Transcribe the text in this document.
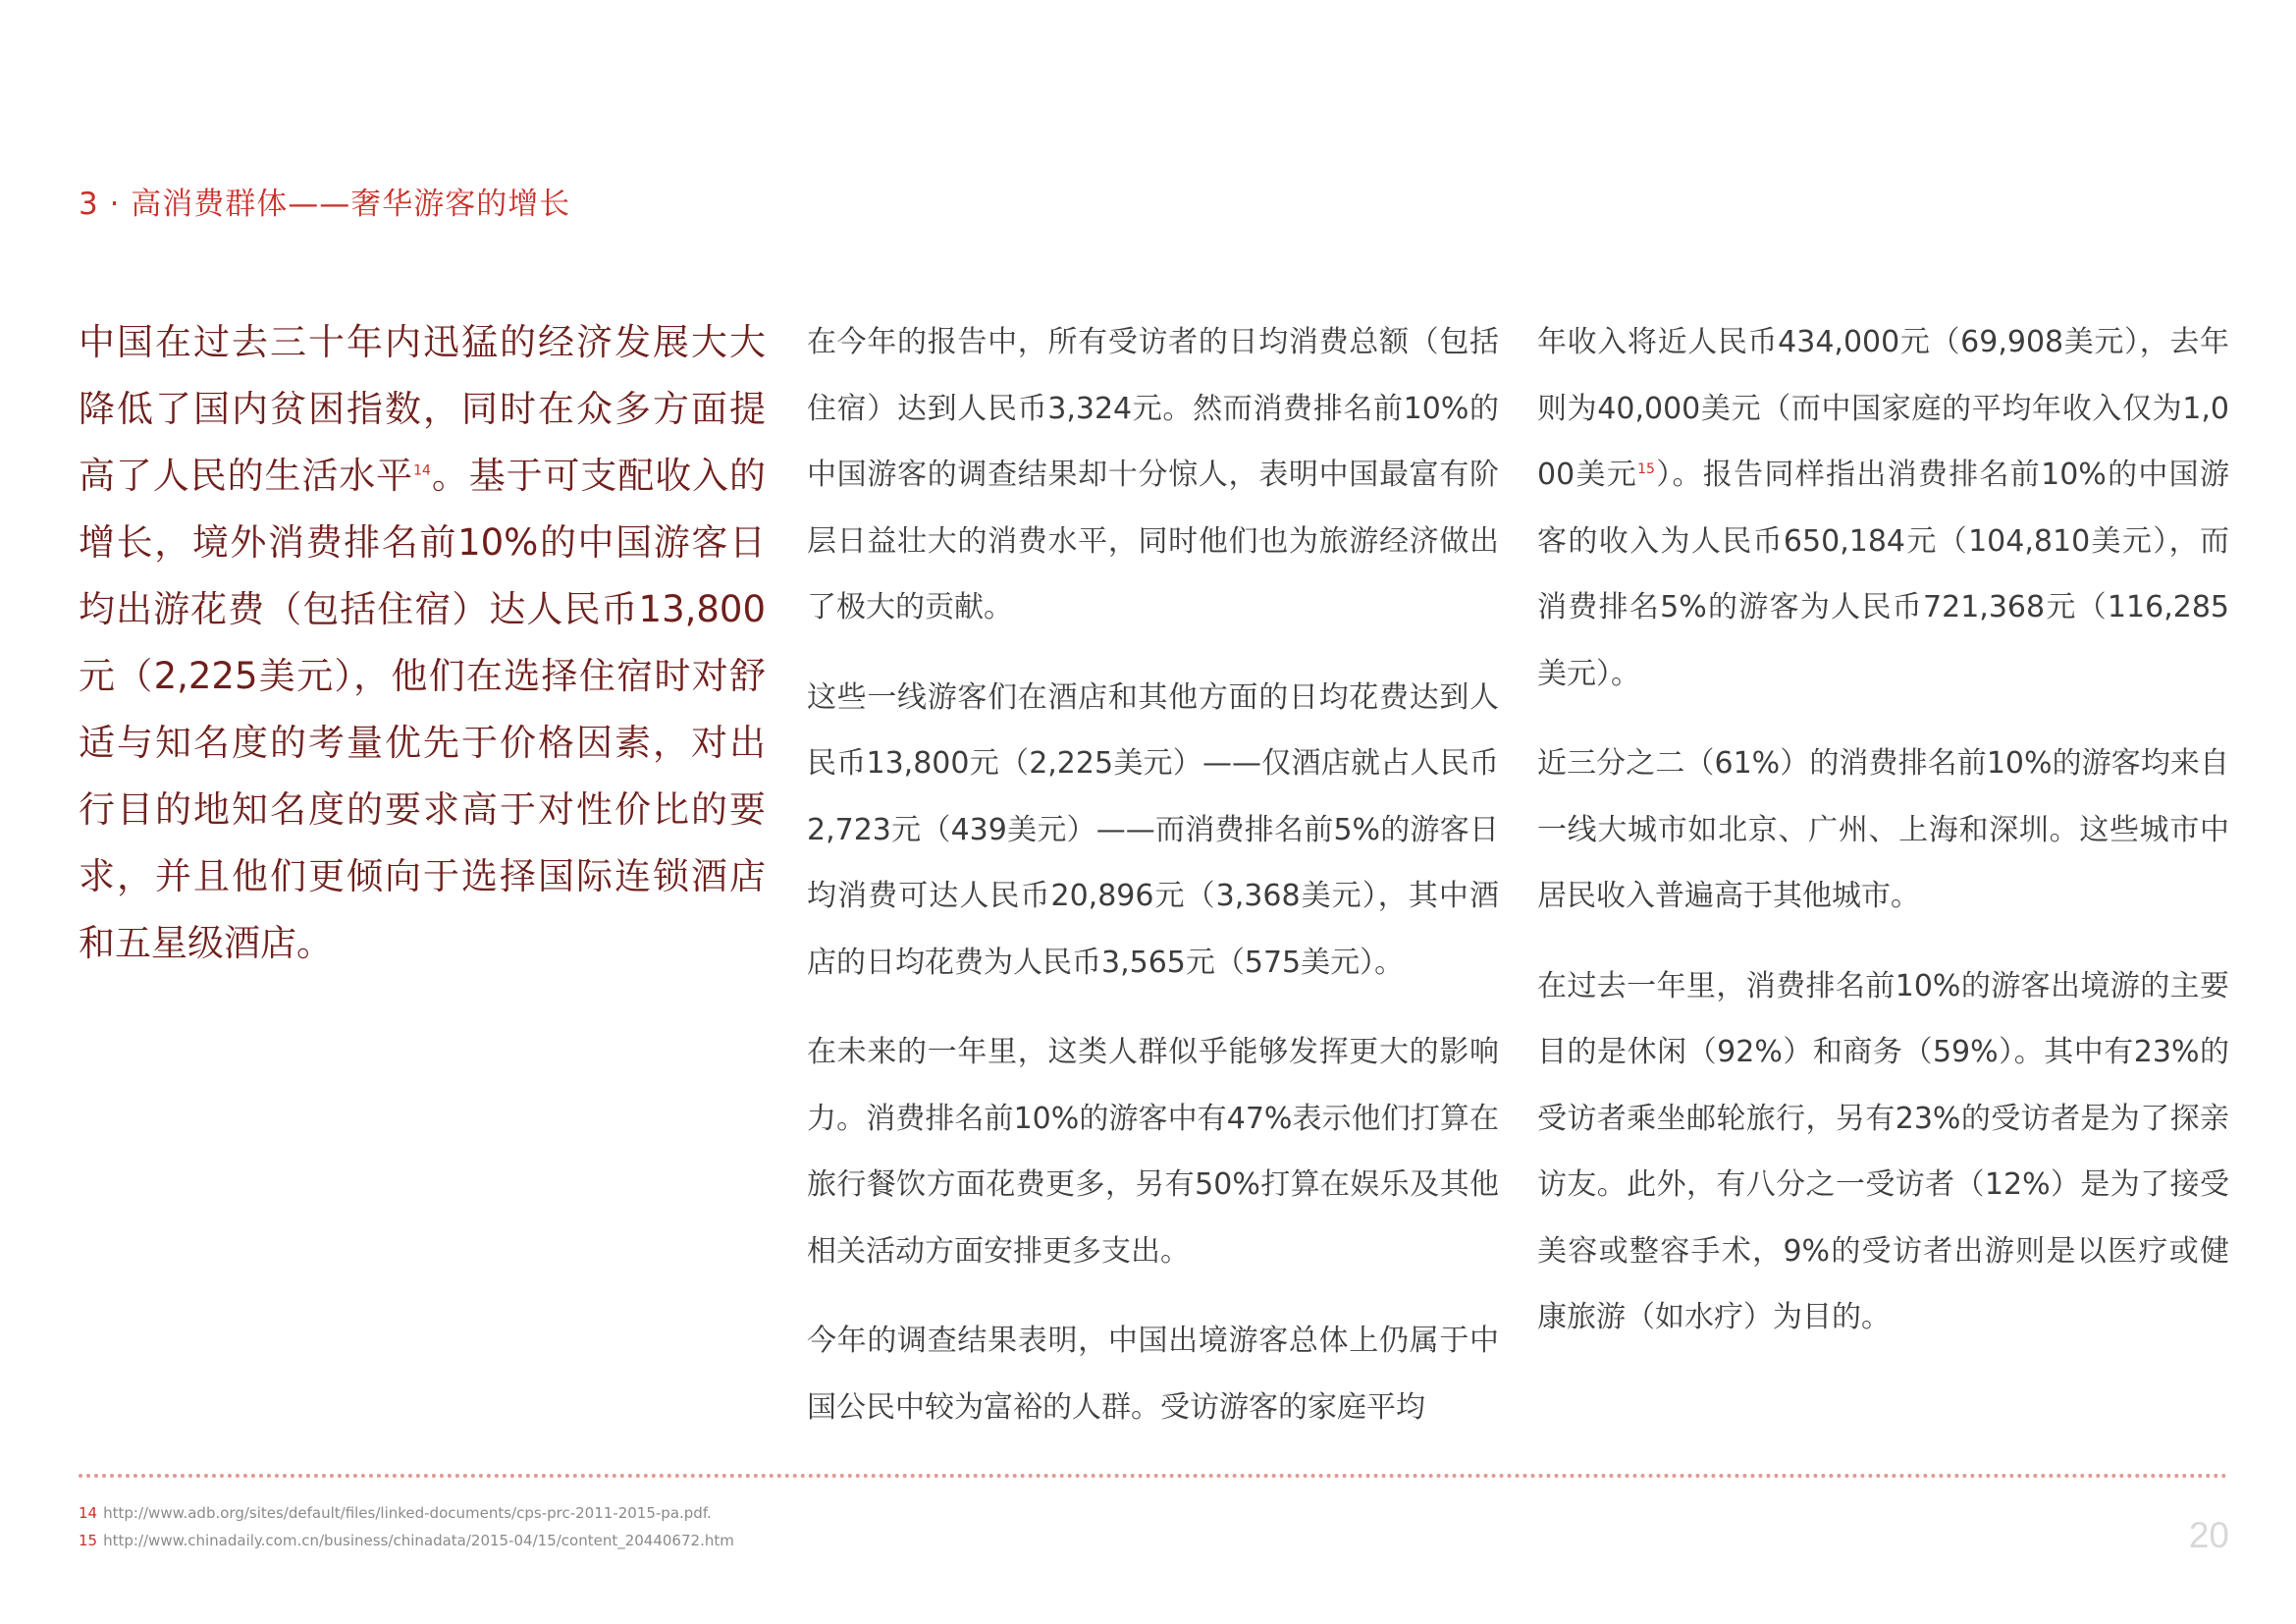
3 · 高消费群体——奢华游客的增长

中国在过去三十年内迅猛的经济发展大大降低了国内贫困指数，同时在众多方面提高了人民的生活水平$^{14}$。基于可支配收入的增长，境外消费排名前10%的中国游客日均出游花费（包括住宿）达人民币13,800元（2,225美元），他们在选择住宿时对舒适与知名度的考量优先于价格因素，对出行目的地知名度的要求高于对性价比的要求，并且他们更倾向于选择国际连锁酒店和五星级酒店。

在今年的报告中，所有受访者的日均消费总额（包括住宿）达到人民币3,324元。然而消费排名前10%的中国游客的调查结果却十分惊人，表明中国最富有阶层日益壮大的消费水平，同时他们也为旅游经济做出了极大的贡献。

这些一线游客们在酒店和其他方面的日均花费达到人民币13,800元（2,225美元）——仅酒店就占人民币2,723元（439美元）——而消费排名前5%的游客日均消费可达人民币20,896元（3,368美元），其中酒店的日均花费为人民币3,565元（575美元）。

在未来的一年里，这类人群似乎能够发挥更大的影响力。消费排名前10%的游客中有47%表示他们打算在旅行餐饮方面花费更多，另有50%打算在娱乐及其他相关活动方面安排更多支出。

今年的调查结果表明，中国出境游客总体上仍属于中国公民中较为富裕的人群。受访游客的家庭平均

年收入将近人民币434,000元（69,908美元），去年则为40,000美元（而中国家庭的平均年收入仅为1,000美元$^{15}$）。报告同样指出消费排名前10%的中国游客的收入为人民币650,184元（104,810美元），而消费排名5%的游客为人民币721,368元（116,285美元）。

近三分之二（61%）的消费排名前10%的游客均来自一线大城市如北京、广州、上海和深圳。这些城市中居民收入普遍高于其他城市。

在过去一年里，消费排名前10%的游客出境游的主要目的是休闲（92%）和商务（59%）。其中有23%的受访者乘坐邮轮旅行，另有23%的受访者是为了探亲访友。此外，有八分之一受访者（12%）是为了接受美容或整容手术，9%的受访者出游则是以医疗或健康旅游（如水疗）为目的。

14 http://www.adb.org/sites/default/files/linked-documents/cps-prc-2011-2015-pa.pdf.
15 http://www.chinadaily.com.cn/business/chinadata/2015-04/15/content_20440672.htm	20
